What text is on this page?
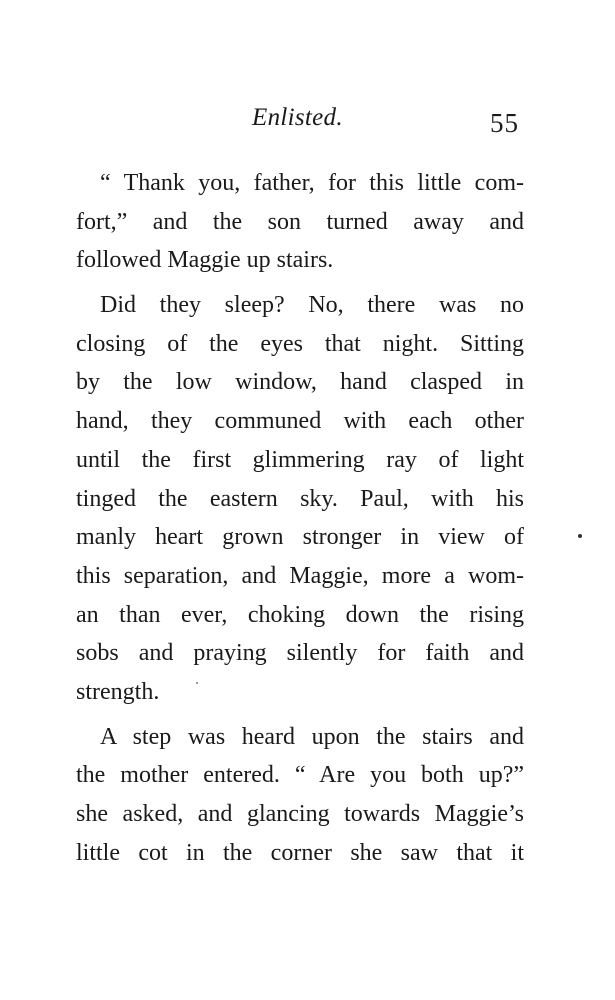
Enlisted.	55
“ Thank you, father, for this little com-
fort,” and the son turned away and
followed Maggie up stairs.
Did they sleep? No, there was no
closing of the eyes that night. Sitting
by the low window, hand clasped in
hand, they communed with each other
until the first glimmering ray of light
tinged the eastern sky. Paul, with his
manly heart grown stronger in view of
this separation, and Maggie, more a wom-
an than ever, choking down the rising
sobs and praying silently for faith and
strength.
A step was heard upon the stairs and
the mother entered. “ Are you both up?”
she asked, and glancing towards Maggie’s
little cot in the corner she saw that it
